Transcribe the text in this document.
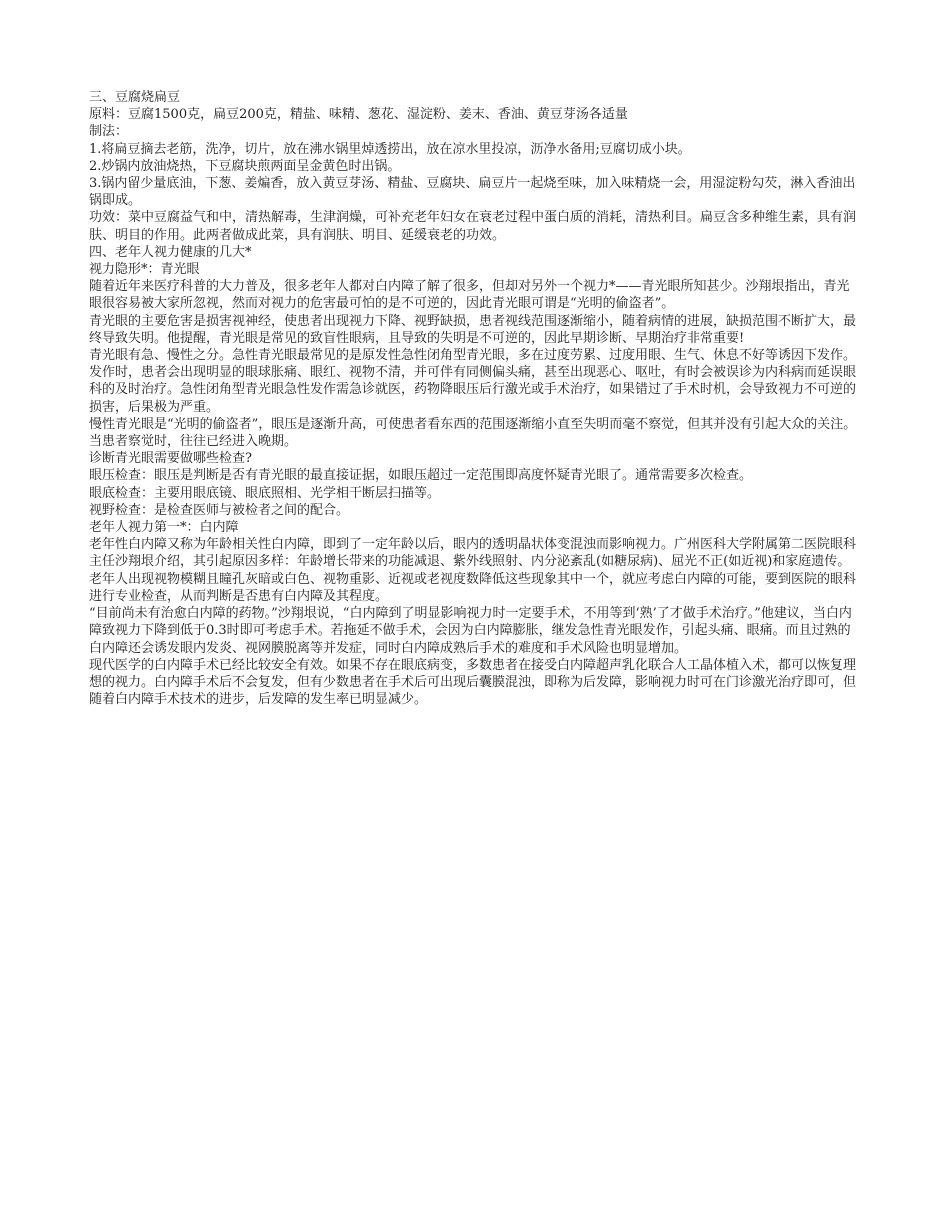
三、豆腐烧扁豆

原料：豆腐1500克，扁豆200克，精盐、味精、葱花、湿淀粉、姜末、香油、黄豆芽汤各适量

制法：

1.将扁豆摘去老筋，洗净，切片，放在沸水锅里焯透捞出，放在凉水里投凉，沥净水备用;豆腐切成小块。

2.炒锅内放油烧热，下豆腐块煎两面呈金黄色时出锅。

3.锅内留少量底油，下葱、姜煸香，放入黄豆芽汤、精盐、豆腐块、扁豆片一起烧至味，加入味精烧一会，用湿淀粉勾芡，淋入香油出锅即成。

功效：菜中豆腐益气和中，清热解毒，生津润燥，可补充老年妇女在衰老过程中蛋白质的消耗，清热利目。扁豆含多种维生素，具有润肤、明目的作用。此两者做成此菜，具有润肤、明目、延缓衰老的功效。

四、老年人视力健康的几大*

视力隐形*：青光眼

随着近年来医疗科普的大力普及，很多老年人都对白内障了解了很多，但却对另外一个视力*——青光眼所知甚少。沙翔垠指出，青光眼很容易被大家所忽视，然而对视力的危害最可怕的是不可逆的，因此青光眼可谓是“光明的偷盗者”。

青光眼的主要危害是损害视神经，使患者出现视力下降、视野缺损，患者视线范围逐渐缩小，随着病情的进展，缺损范围不断扩大，最终导致失明。他提醒，青光眼是常见的致盲性眼病，且导致的失明是不可逆的，因此早期诊断、早期治疗非常重要!

青光眼有急、慢性之分。急性青光眼最常见的是原发性急性闭角型青光眼，多在过度劳累、过度用眼、生气、休息不好等诱因下发作。发作时，患者会出现明显的眼球胀痛、眼红、视物不清，并可伴有同侧偏头痛，甚至出现恶心、呕吐，有时会被误诊为内科病而延误眼科的及时治疗。急性闭角型青光眼急性发作需急诊就医，药物降眼压后行激光或手术治疗，如果错过了手术时机，会导致视力不可逆的损害，后果极为严重。

慢性青光眼是“光明的偷盗者”，眼压是逐渐升高，可使患者看东西的范围逐渐缩小直至失明而毫不察觉，但其并没有引起大众的关注。当患者察觉时，往往已经进入晚期。

诊断青光眼需要做哪些检查?

眼压检查：眼压是判断是否有青光眼的最直接证据，如眼压超过一定范围即高度怀疑青光眼了。通常需要多次检查。

眼底检查：主要用眼底镜、眼底照相、光学相干断层扫描等。

视野检查：是检查医师与被检者之间的配合。

老年人视力第一*：白内障

老年性白内障又称为年龄相关性白内障，即到了一定年龄以后，眼内的透明晶状体变混浊而影响视力。广州医科大学附属第二医院眼科主任沙翔垠介绍，其引起原因多样：年龄增长带来的功能减退、紫外线照射、内分泌紊乱(如糖尿病)、屈光不正(如近视)和家庭遗传。老年人出现视物模糊且瞳孔灰暗或白色、视物重影、近视或老视度数降低这些现象其中一个，就应考虑白内障的可能，要到医院的眼科进行专业检查，从而判断是否患有白内障及其程度。

“目前尚未有治愈白内障的药物。”沙翔垠说，“白内障到了明显影响视力时一定要手术，不用等到‘熟’了才做手术治疗。”他建议，当白内障致视力下降到低于0.3时即可考虑手术。若拖延不做手术，会因为白内障膨胀，继发急性青光眼发作，引起头痛、眼痛。而且过熟的白内障还会诱发眼内发炎、视网膜脱离等并发症，同时白内障成熟后手术的难度和手术风险也明显增加。

现代医学的白内障手术已经比较安全有效。如果不存在眼底病变，多数患者在接受白内障超声乳化联合人工晶体植入术，都可以恢复理想的视力。白内障手术后不会复发，但有少数患者在手术后可出现后囊膜混浊，即称为后发障，影响视力时可在门诊激光治疗即可，但随着白内障手术技术的进步，后发障的发生率已明显减少。
